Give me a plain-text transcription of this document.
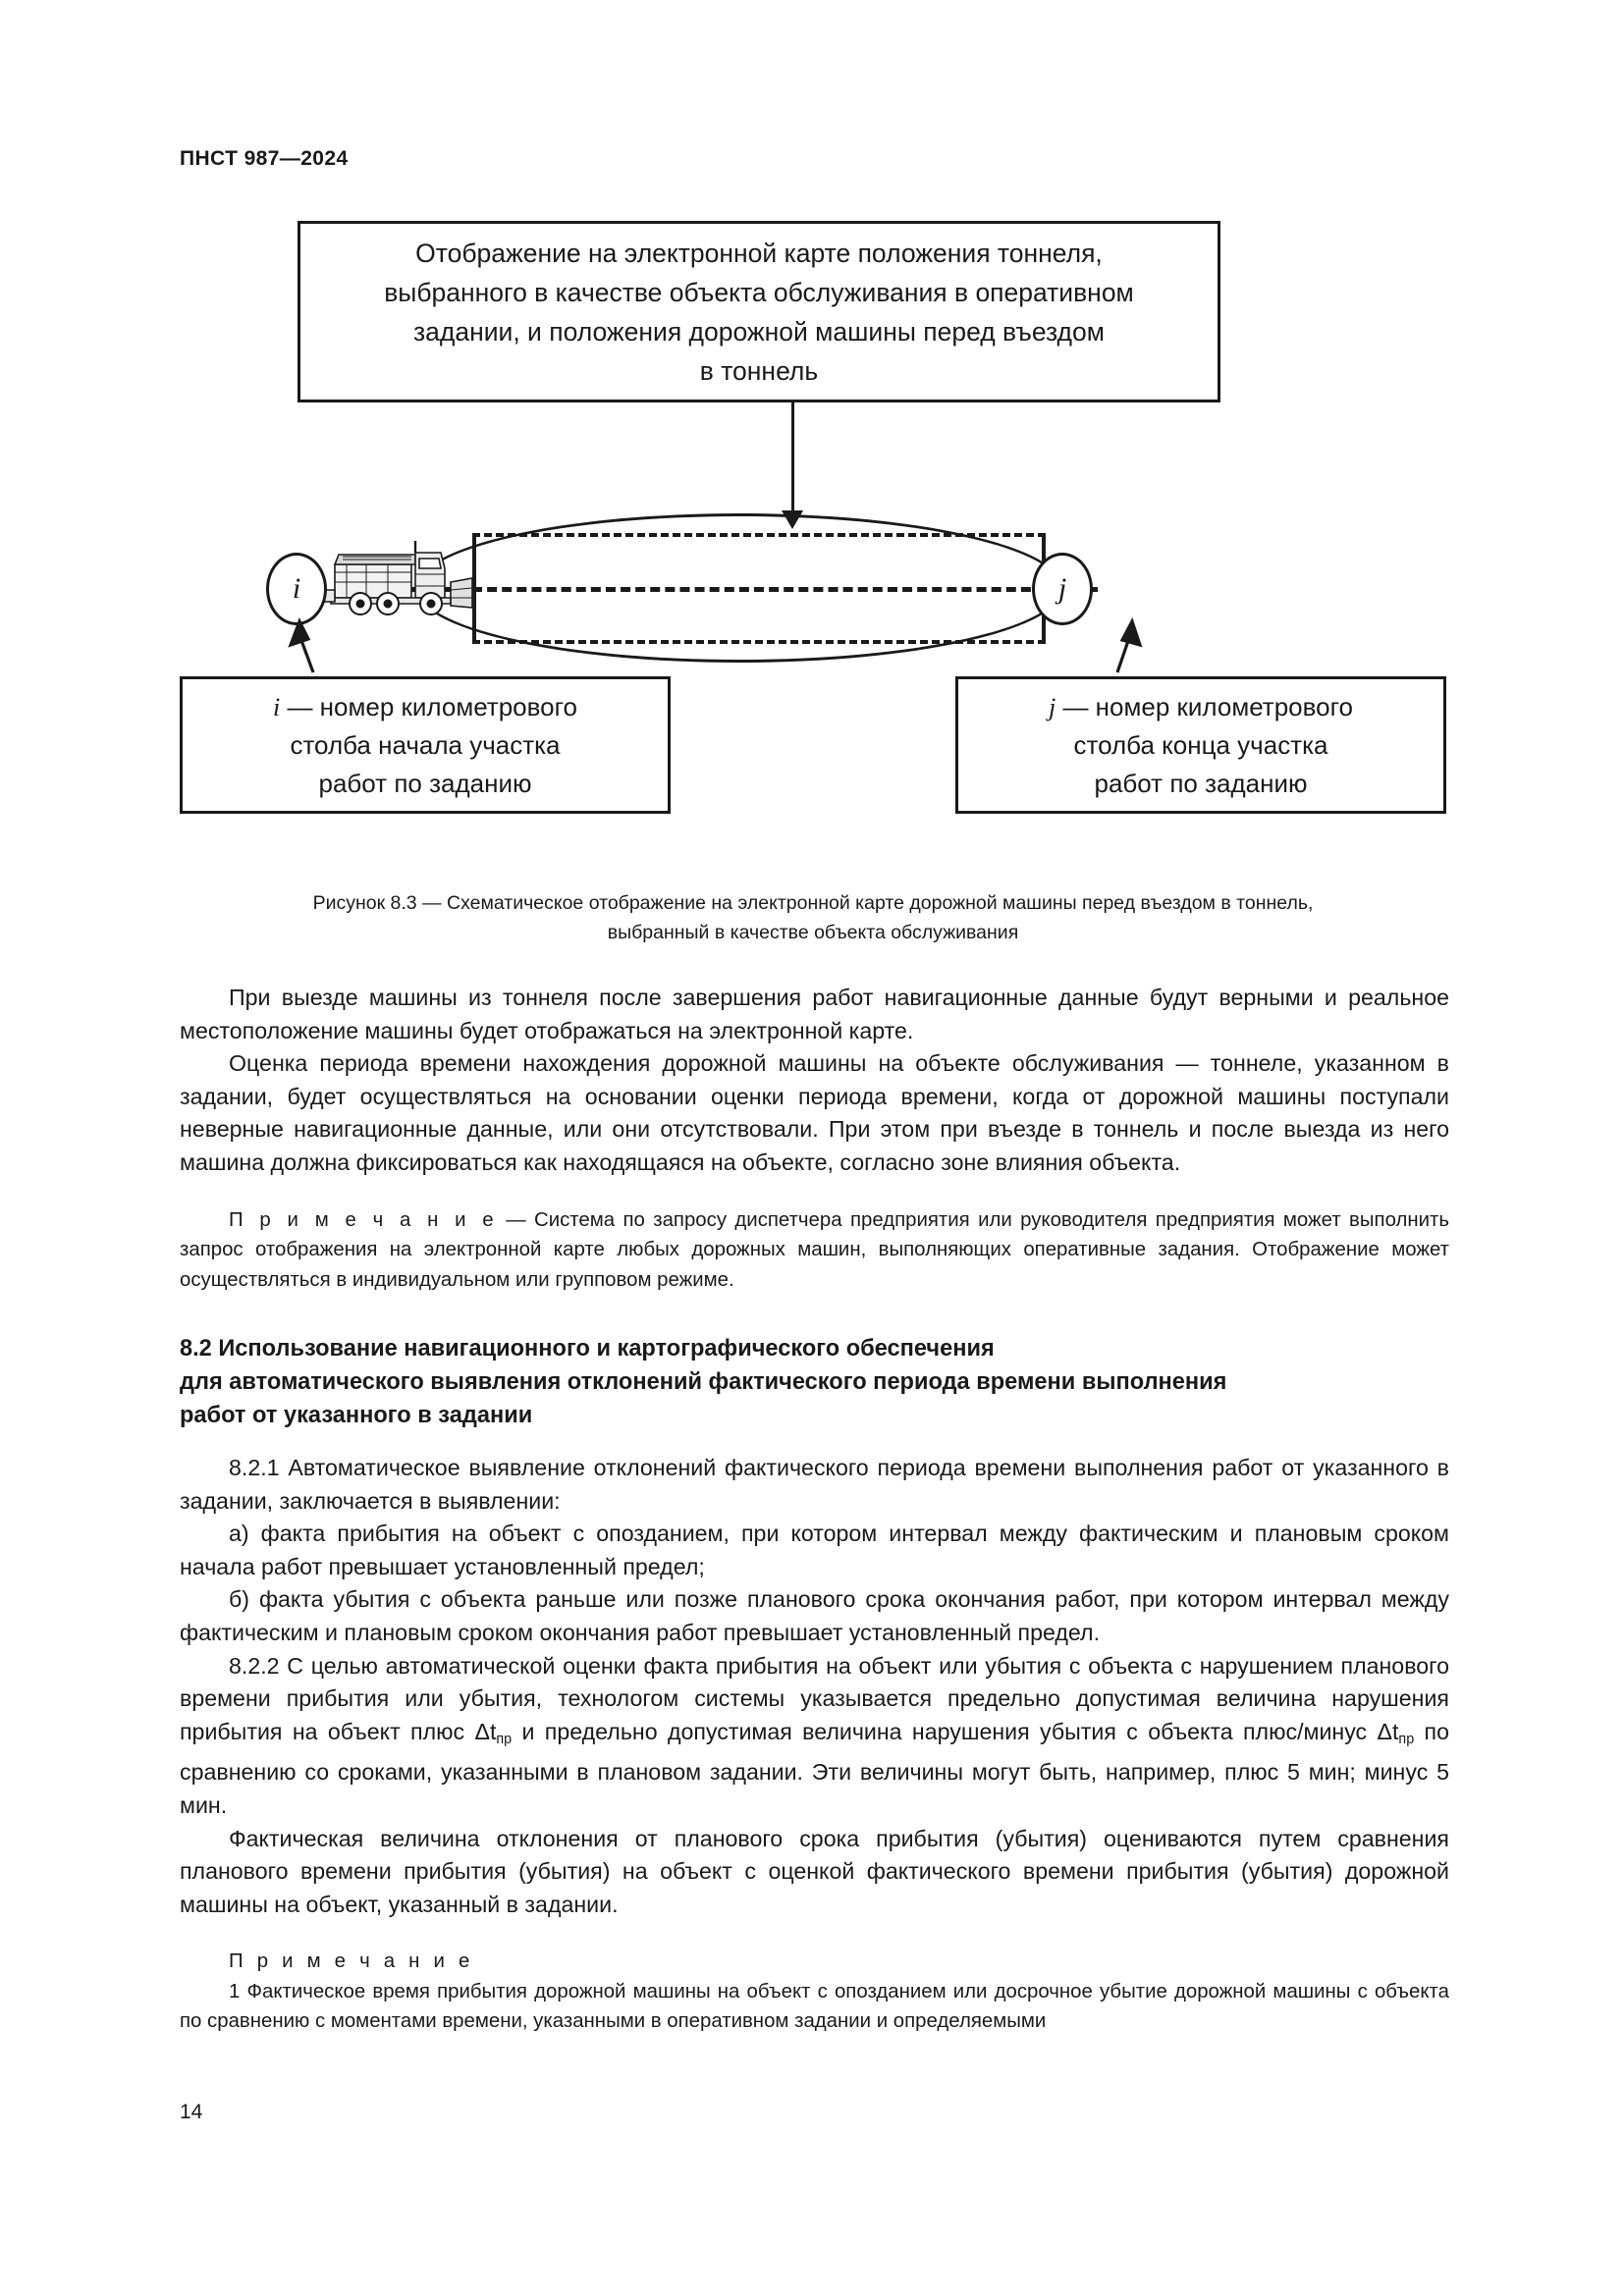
ПНСТ 987—2024
Отображение на электронной карте положения тоннеля,
выбранного в качестве объекта обслуживания в оперативном
задании, и положения дорожной машины перед въездом
в тоннель
i	j
i — номер километрового
столба начала участка
работ по заданию
j — номер километрового
столба конца участка
работ по заданию
Рисунок 8.3 — Схематическое отображение на электронной карте дорожной машины перед въездом в тоннель,
выбранный в качестве объекта обслуживания

При выезде машины из тоннеля после завершения работ навигационные данные будут верными и реальное местоположение машины будет отображаться на электронной карте.

Оценка периода времени нахождения дорожной машины на объекте обслуживания — тоннеле, указанном в задании, будет осуществляться на основании оценки периода времени, когда от дорожной машины поступали неверные навигационные данные, или они отсутствовали. При этом при въезде в тоннель и после выезда из него машина должна фиксироваться как находящаяся на объекте, согласно зоне влияния объекта.

П р и м е ч а н и е — Система по запросу диспетчера предприятия или руководителя предприятия может выполнить запрос отображения на электронной карте любых дорожных машин, выполняющих оперативные задания. Отображение может осуществляться в индивидуальном или групповом режиме.

8.2 Использование навигационного и картографического обеспечения
для автоматического выявления отклонений фактического периода времени выполнения
работ от указанного в задании

8.2.1 Автоматическое выявление отклонений фактического периода времени выполнения работ от указанного в задании, заключается в выявлении:

а) факта прибытия на объект с опозданием, при котором интервал между фактическим и плановым сроком начала работ превышает установленный предел;

б) факта убытия с объекта раньше или позже планового срока окончания работ, при котором интервал между фактическим и плановым сроком окончания работ превышает установленный предел.

8.2.2 С целью автоматической оценки факта прибытия на объект или убытия с объекта с нарушением планового времени прибытия или убытия, технологом системы указывается предельно допустимая величина нарушения прибытия на объект плюс $\Delta t_{пр}$ и предельно допустимая величина нарушения убытия с объекта плюс/минус $\Delta t_{пр}$ по сравнению со сроками, указанными в плановом задании. Эти величины могут быть, например, плюс 5 мин; минус 5 мин.

Фактическая величина отклонения от планового срока прибытия (убытия) оцениваются путем сравнения планового времени прибытия (убытия) на объект с оценкой фактического времени прибытия (убытия) дорожной машины на объект, указанный в задании.

П р и м е ч а н и е

1 Фактическое время прибытия дорожной машины на объект с опозданием или досрочное убытие дорожной машины с объекта по сравнению с моментами времени, указанными в оперативном задании и определяемыми

14
